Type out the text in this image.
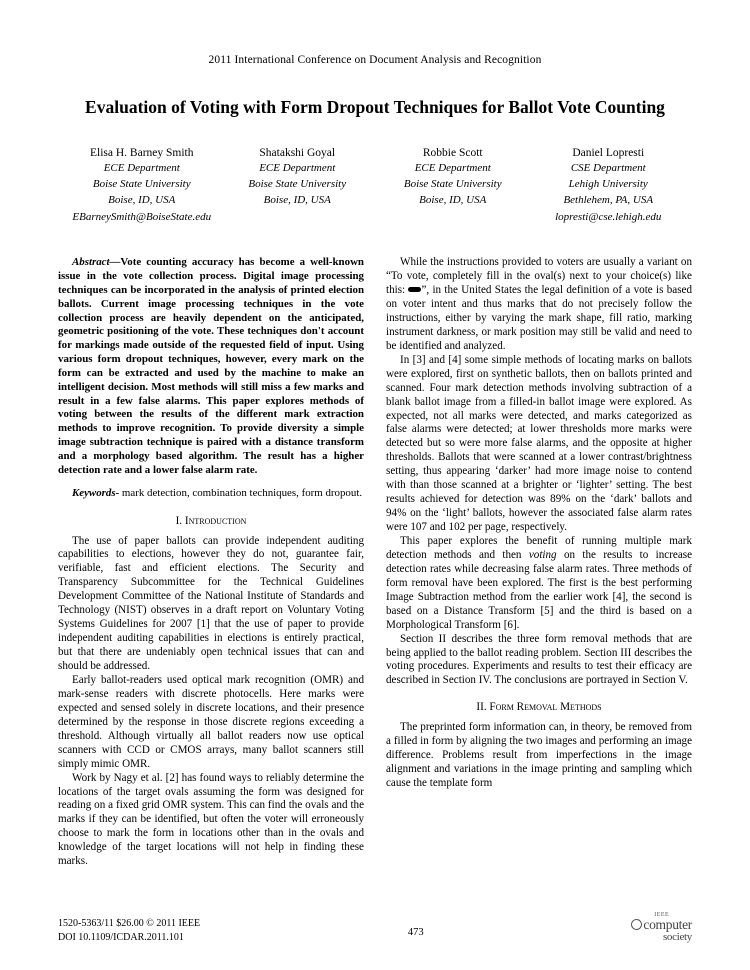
2011 International Conference on Document Analysis and Recognition
Evaluation of Voting with Form Dropout Techniques for Ballot Vote Counting
Elisa H. Barney Smith
ECE Department
Boise State University
Boise, ID, USA
EBarneySmith@BoiseState.edu
Shatakshi Goyal
ECE Department
Boise State University
Boise, ID, USA
Robbie Scott
ECE Department
Boise State University
Boise, ID, USA
Daniel Lopresti
CSE Department
Lehigh University
Bethlehem, PA, USA
lopresti@cse.lehigh.edu
Abstract—Vote counting accuracy has become a well-known issue in the vote collection process. Digital image processing techniques can be incorporated in the analysis of printed election ballots. Current image processing techniques in the vote collection process are heavily dependent on the anticipated, geometric positioning of the vote. These techniques don't account for markings made outside of the requested field of input. Using various form dropout techniques, however, every mark on the form can be extracted and used by the machine to make an intelligent decision. Most methods will still miss a few marks and result in a few false alarms. This paper explores methods of voting between the results of the different mark extraction methods to improve recognition. To provide diversity a simple image subtraction technique is paired with a distance transform and a morphology based algorithm. The result has a higher detection rate and a lower false alarm rate.
Keywords- mark detection, combination techniques, form dropout.
I. Introduction

The use of paper ballots can provide independent auditing capabilities to elections, however they do not, guarantee fair, verifiable, fast and efficient elections. The Security and Transparency Subcommittee for the Technical Guidelines Development Committee of the National Institute of Standards and Technology (NIST) observes in a draft report on Voluntary Voting Systems Guidelines for 2007 [1] that the use of paper to provide independent auditing capabilities in elections is entirely practical, but that there are undeniably open technical issues that can and should be addressed.

Early ballot-readers used optical mark recognition (OMR) and mark-sense readers with discrete photocells. Here marks were expected and sensed solely in discrete locations, and their presence determined by the response in those discrete regions exceeding a threshold. Although virtually all ballot readers now use optical scanners with CCD or CMOS arrays, many ballot scanners still simply mimic OMR.

Work by Nagy et al. [2] has found ways to reliably determine the locations of the target ovals assuming the form was designed for reading on a fixed grid OMR system. This can find the ovals and the marks if they can be identified, but often the voter will erroneously choose to mark the form in locations other than in the ovals and knowledge of the target locations will not help in finding these marks.

While the instructions provided to voters are usually a variant on “To vote, completely fill in the oval(s) next to your choice(s) like this: ”, in the United States the legal definition of a vote is based on voter intent and thus marks that do not precisely follow the instructions, either by varying the mark shape, fill ratio, marking instrument darkness, or mark position may still be valid and need to be identified and analyzed.

In [3] and [4] some simple methods of locating marks on ballots were explored, first on synthetic ballots, then on ballots printed and scanned. Four mark detection methods involving subtraction of a blank ballot image from a filled-in ballot image were explored. As expected, not all marks were detected, and marks categorized as false alarms were detected; at lower thresholds more marks were detected but so were more false alarms, and the opposite at higher thresholds. Ballots that were scanned at a lower contrast/brightness setting, thus appearing ‘darker’ had more image noise to contend with than those scanned at a brighter or ‘lighter’ setting. The best results achieved for detection was 89% on the ‘dark’ ballots and 94% on the ‘light’ ballots, however the associated false alarm rates were 107 and 102 per page, respectively.

This paper explores the benefit of running multiple mark detection methods and then voting on the results to increase detection rates while decreasing false alarm rates. Three methods of form removal have been explored. The first is the best performing Image Subtraction method from the earlier work [4], the second is based on a Distance Transform [5] and the third is based on a Morphological Transform [6].

Section II describes the three form removal methods that are being applied to the ballot reading problem. Section III describes the voting procedures. Experiments and results to test their efficacy are described in Section IV. The conclusions are portrayed in Section V.

II. Form Removal Methods

The preprinted form information can, in theory, be removed from a filled in form by aligning the two images and performing an image difference. Problems result from imperfections in the image alignment and variations in the image printing and sampling which cause the template form

1520-5363/11 $26.00 © 2011 IEEE
DOI 10.1109/ICDAR.2011.101	473
IEEE
computer
society
